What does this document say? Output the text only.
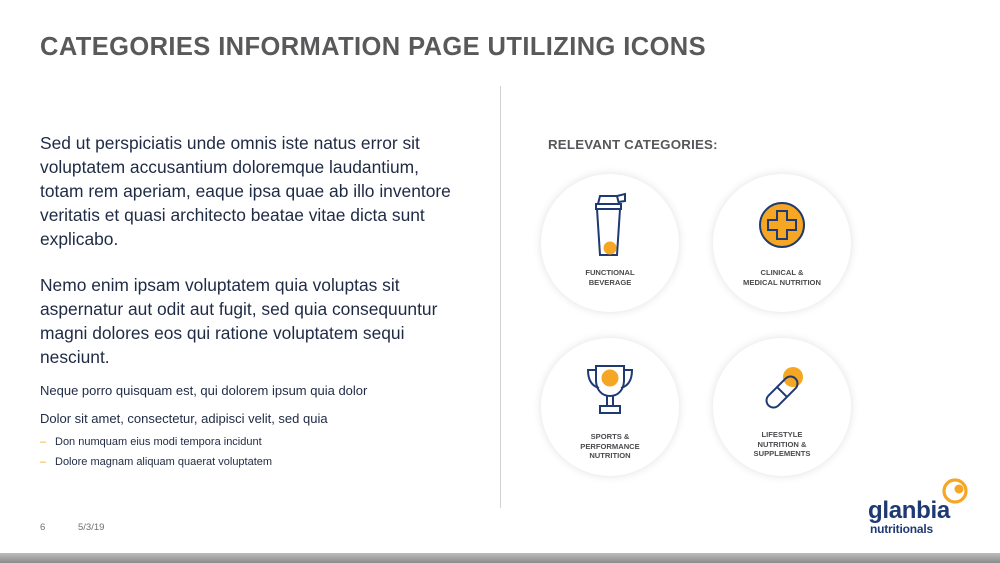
CATEGORIES INFORMATION PAGE UTILIZING ICONS

Sed ut perspiciatis unde omnis iste natus error sit voluptatem accusantium doloremque laudantium, totam rem aperiam, eaque ipsa quae ab illo inventore veritatis et quasi architecto beatae vitae dicta sunt explicabo.

Nemo enim ipsam voluptatem quia voluptas sit aspernatur aut odit aut fugit, sed quia consequuntur magni dolores eos qui ratione voluptatem sequi nesciunt.

Neque porro quisquam est, qui dolorem ipsum quia dolor
Dolor sit amet, consectetur, adipisci velit, sed quia
– Don numquam eius modi tempora incidunt
– Dolore magnam aliquam quaerat voluptatem
RELEVANT CATEGORIES:
FUNCTIONAL
BEVERAGE
CLINICAL &
MEDICAL NUTRITION
SPORTS &
PERFORMANCE
NUTRITION
LIFESTYLE
NUTRITION &
SUPPLEMENTS
6	5/3/19
glanbia
nutritionals
